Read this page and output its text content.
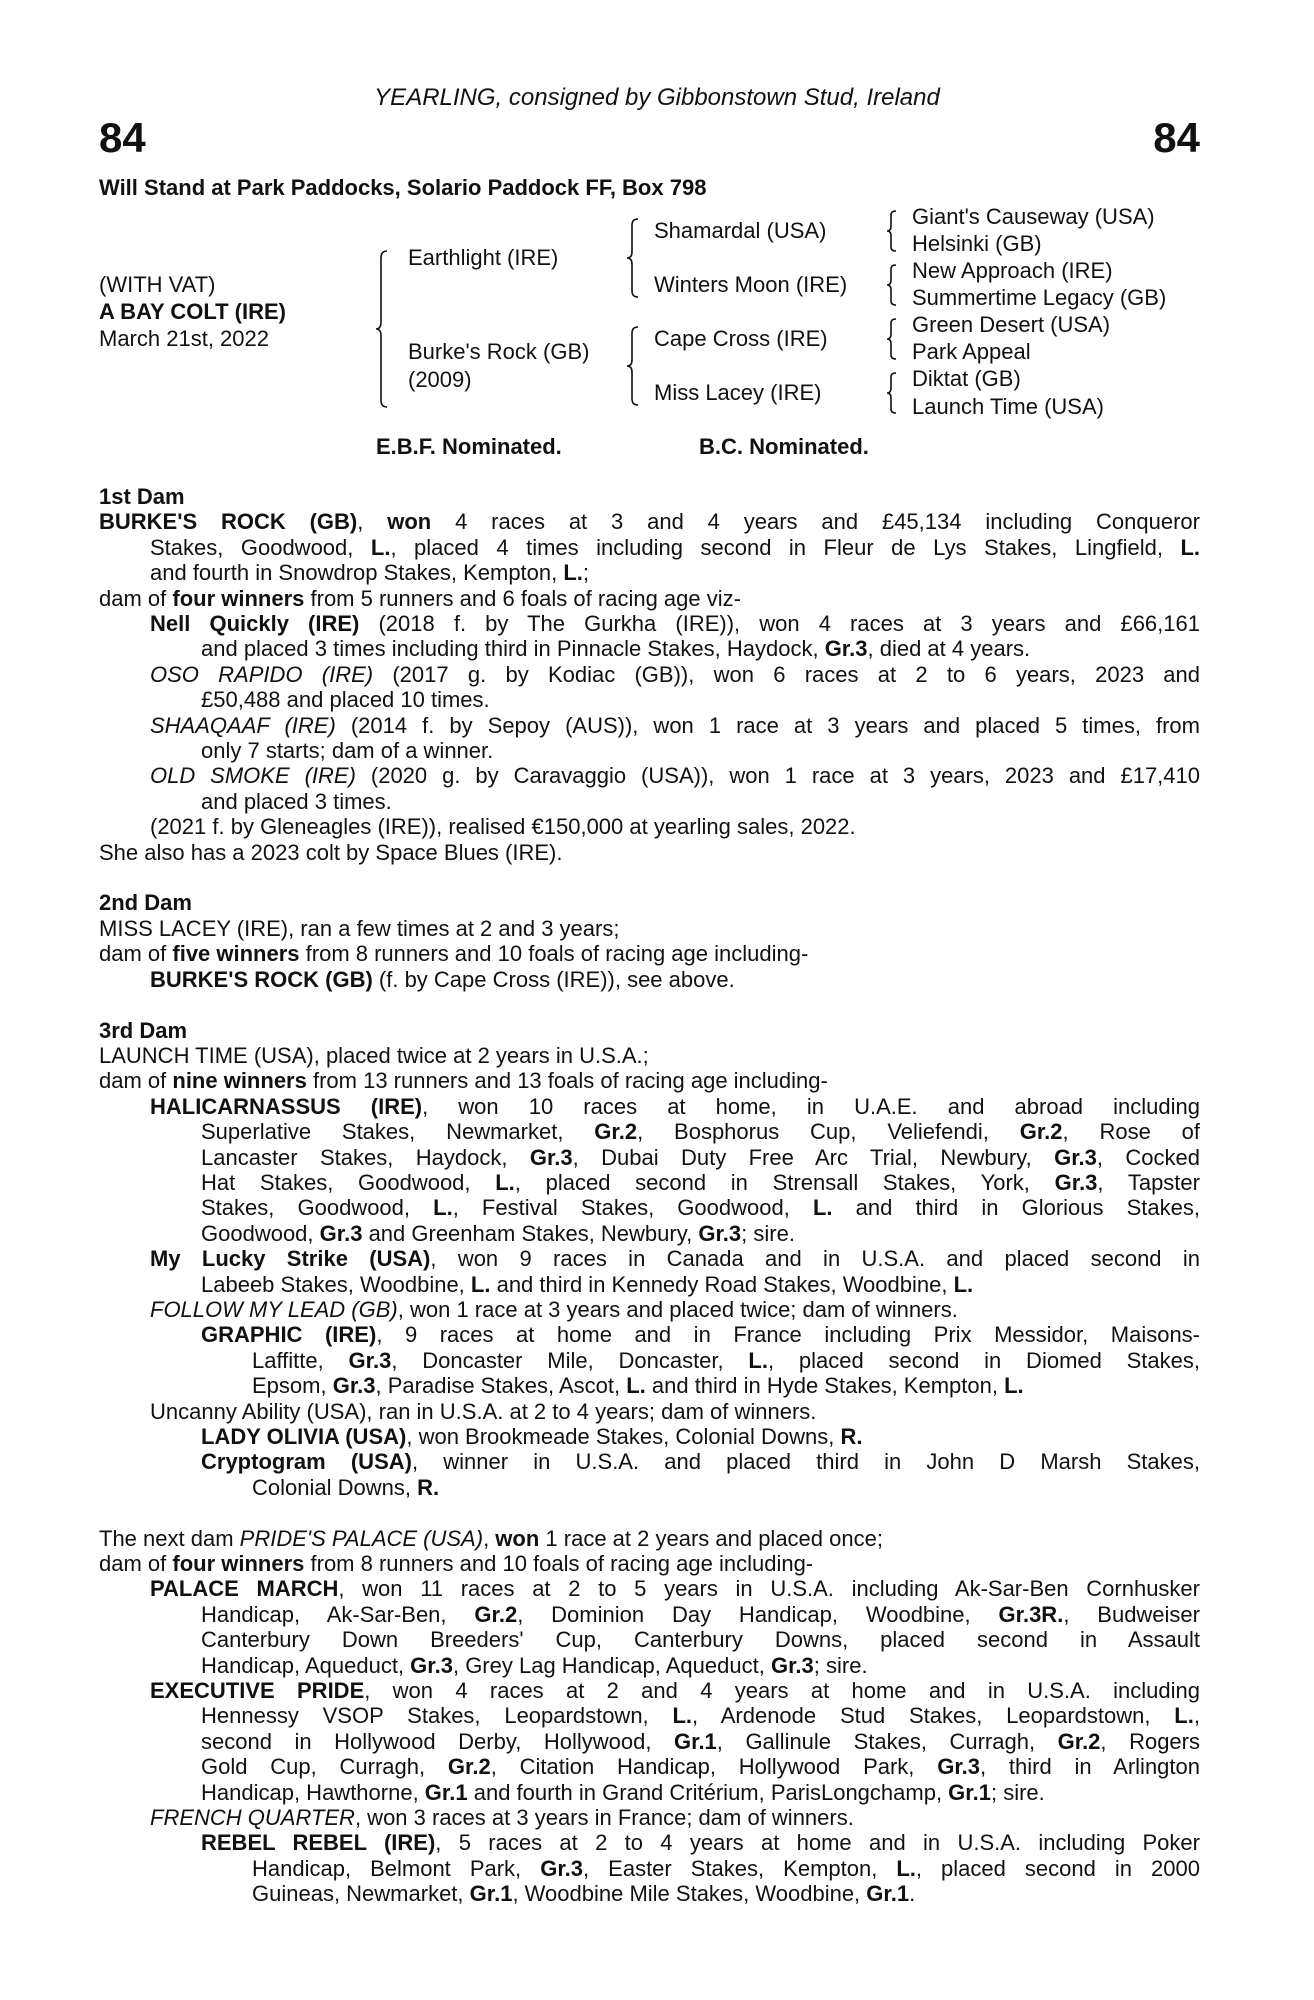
YEARLING, consigned by Gibbonstown Stud, Ireland
84	84
Will Stand at Park Paddocks, Solario Paddock FF, Box 798
(WITH VAT)
A BAY COLT (IRE)
March 21st, 2022
Earthlight (IRE)
Burke's Rock (GB)
(2009)
Shamardal (USA)
Winters Moon (IRE)
Cape Cross (IRE)
Miss Lacey (IRE)
Giant's Causeway (USA)
Helsinki (GB)
New Approach (IRE)
Summertime Legacy (GB)
Green Desert (USA)
Park Appeal
Diktat (GB)
Launch Time (USA)
E.B.F. Nominated.	B.C. Nominated.
1st Dam
BURKE'S ROCK (GB), won 4 races at 3 and 4 years and £45,134 including Conqueror
Stakes, Goodwood, L., placed 4 times including second in Fleur de Lys Stakes, Lingfield, L.
and fourth in Snowdrop Stakes, Kempton, L.;
dam of four winners from 5 runners and 6 foals of racing age viz-
Nell Quickly (IRE) (2018 f. by The Gurkha (IRE)), won 4 races at 3 years and £66,161
and placed 3 times including third in Pinnacle Stakes, Haydock, Gr.3, died at 4 years.
OSO RAPIDO (IRE) (2017 g. by Kodiac (GB)), won 6 races at 2 to 6 years, 2023 and
£50,488 and placed 10 times.
SHAAQAAF (IRE) (2014 f. by Sepoy (AUS)), won 1 race at 3 years and placed 5 times, from
only 7 starts; dam of a winner.
OLD SMOKE (IRE) (2020 g. by Caravaggio (USA)), won 1 race at 3 years, 2023 and £17,410
and placed 3 times.
(2021 f. by Gleneagles (IRE)), realised €150,000 at yearling sales, 2022.
She also has a 2023 colt by Space Blues (IRE).
2nd Dam
MISS LACEY (IRE), ran a few times at 2 and 3 years;
dam of five winners from 8 runners and 10 foals of racing age including-
BURKE'S ROCK (GB) (f. by Cape Cross (IRE)), see above.
3rd Dam
LAUNCH TIME (USA), placed twice at 2 years in U.S.A.;
dam of nine winners from 13 runners and 13 foals of racing age including-
HALICARNASSUS (IRE), won 10 races at home, in U.A.E. and abroad including
Superlative Stakes, Newmarket, Gr.2, Bosphorus Cup, Veliefendi, Gr.2, Rose of
Lancaster Stakes, Haydock, Gr.3, Dubai Duty Free Arc Trial, Newbury, Gr.3, Cocked
Hat Stakes, Goodwood, L., placed second in Strensall Stakes, York, Gr.3, Tapster
Stakes, Goodwood, L., Festival Stakes, Goodwood, L. and third in Glorious Stakes,
Goodwood, Gr.3 and Greenham Stakes, Newbury, Gr.3; sire.
My Lucky Strike (USA), won 9 races in Canada and in U.S.A. and placed second in
Labeeb Stakes, Woodbine, L. and third in Kennedy Road Stakes, Woodbine, L.
FOLLOW MY LEAD (GB), won 1 race at 3 years and placed twice; dam of winners.
GRAPHIC (IRE), 9 races at home and in France including Prix Messidor, Maisons-
Laffitte, Gr.3, Doncaster Mile, Doncaster, L., placed second in Diomed Stakes,
Epsom, Gr.3, Paradise Stakes, Ascot, L. and third in Hyde Stakes, Kempton, L.
Uncanny Ability (USA), ran in U.S.A. at 2 to 4 years; dam of winners.
LADY OLIVIA (USA), won Brookmeade Stakes, Colonial Downs, R.
Cryptogram (USA), winner in U.S.A. and placed third in John D Marsh Stakes,
Colonial Downs, R.
The next dam PRIDE'S PALACE (USA), won 1 race at 2 years and placed once;
dam of four winners from 8 runners and 10 foals of racing age including-
PALACE MARCH, won 11 races at 2 to 5 years in U.S.A. including Ak-Sar-Ben Cornhusker
Handicap, Ak-Sar-Ben, Gr.2, Dominion Day Handicap, Woodbine, Gr.3R., Budweiser
Canterbury Down Breeders' Cup, Canterbury Downs, placed second in Assault
Handicap, Aqueduct, Gr.3, Grey Lag Handicap, Aqueduct, Gr.3; sire.
EXECUTIVE PRIDE, won 4 races at 2 and 4 years at home and in U.S.A. including
Hennessy VSOP Stakes, Leopardstown, L., Ardenode Stud Stakes, Leopardstown, L.,
second in Hollywood Derby, Hollywood, Gr.1, Gallinule Stakes, Curragh, Gr.2, Rogers
Gold Cup, Curragh, Gr.2, Citation Handicap, Hollywood Park, Gr.3, third in Arlington
Handicap, Hawthorne, Gr.1 and fourth in Grand Critérium, ParisLongchamp, Gr.1; sire.
FRENCH QUARTER, won 3 races at 3 years in France; dam of winners.
REBEL REBEL (IRE), 5 races at 2 to 4 years at home and in U.S.A. including Poker
Handicap, Belmont Park, Gr.3, Easter Stakes, Kempton, L., placed second in 2000
Guineas, Newmarket, Gr.1, Woodbine Mile Stakes, Woodbine, Gr.1.
